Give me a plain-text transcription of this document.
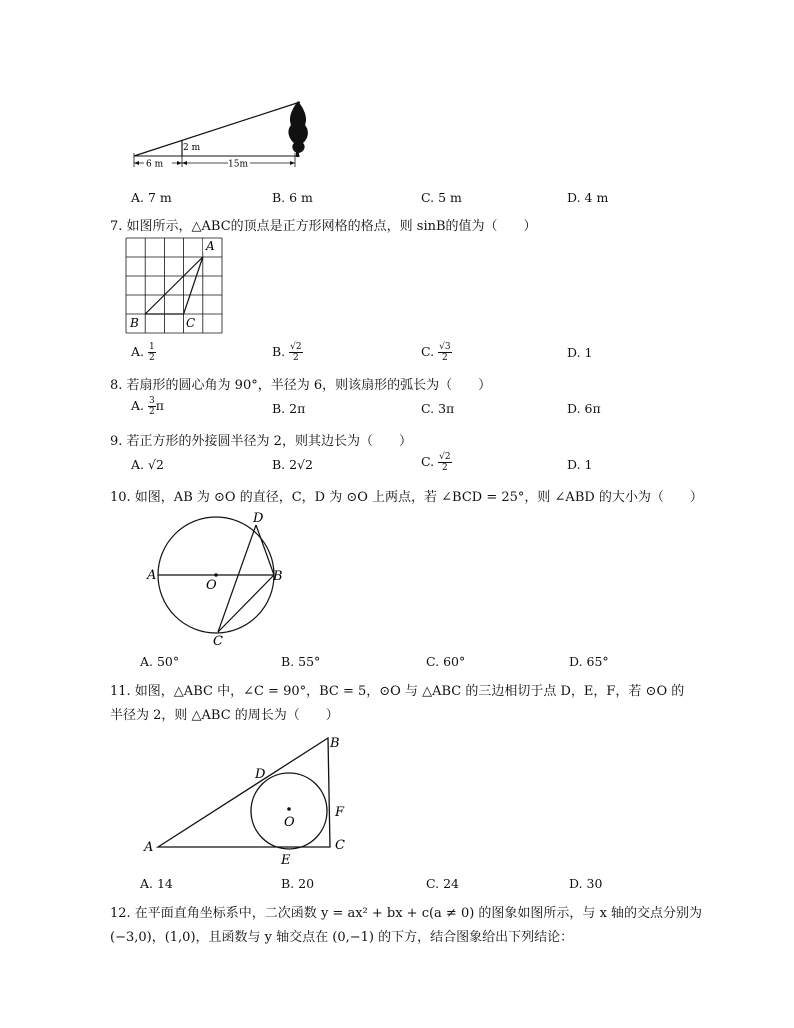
6 m	15m
2 m
A. 7 m	B. 6 m	C. 5 m	D. 4 m
7. 如图所示，△ABC的顶点是正方形网格的格点，则 sinB的值为（　　）
A
B	C
A. $\frac{1}{2}$	B. $\frac{√2}{2}$	C. $\frac{√3}{2}$	D. 1
8. 若扇形的圆心角为 90°，半径为 6，则该扇形的弧长为（　　）
A. $\frac{3}{2}$ π	B. 2π	C. 3π	D. 6π
9. 若正方形的外接圆半径为 2，则其边长为（　　）
A. √2	B. 2√2	C. $\frac{√2}{2}$	D. 1
10. 如图，AB 为 ⊙O 的直径，C，D 为 ⊙O 上两点，若 ∠BCD = 25°，则 ∠ABD 的大小为（　　）
A	B
C
D
O
A. 50°	B. 55°	C. 60°	D. 65°
11. 如图，△ABC 中，∠C = 90°，BC = 5，⊙O 与 △ABC 的三边相切于点 D，E，F，若 ⊙O 的
半径为 2，则 △ABC 的周长为（　　）
A
B
C
D
E
F
O
A. 14	B. 20	C. 24	D. 30
12. 在平面直角坐标系中，二次函数 y = ax² + bx + c(a ≠ 0) 的图象如图所示，与 x 轴的交点分别为
(−3,0)，(1,0)，且函数与 y 轴交点在 (0,−1) 的下方，结合图象给出下列结论：
